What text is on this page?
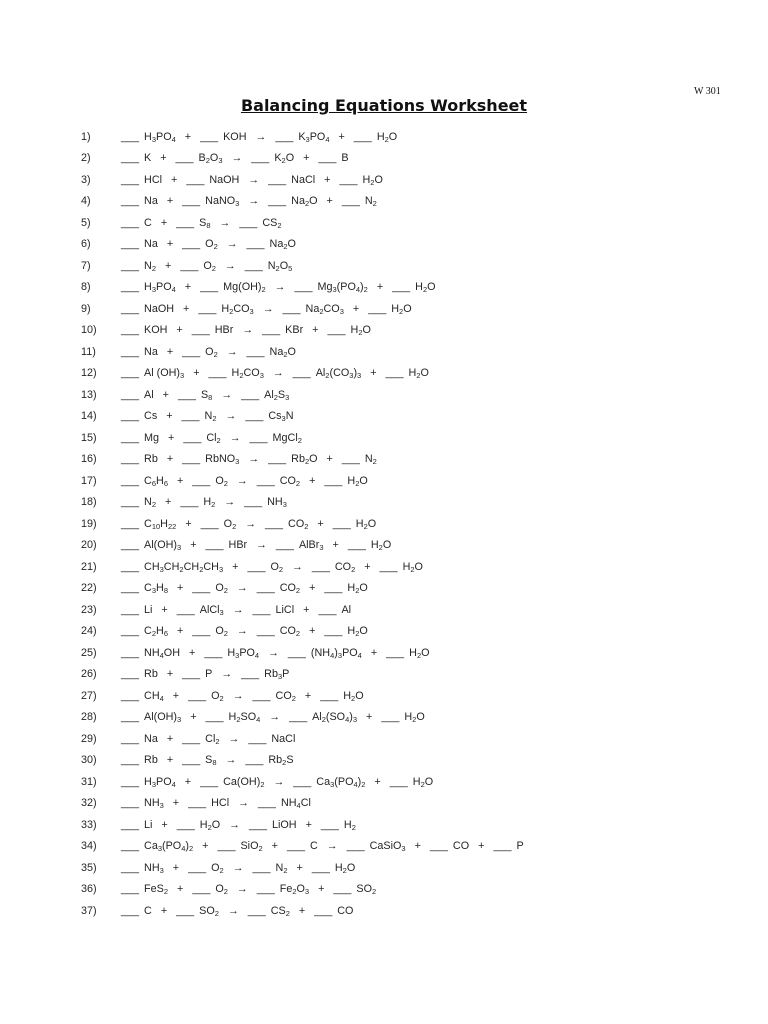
W 301
Balancing Equations Worksheet
1)	___ $H_3PO_4$ + ___ KOH → ___ $K_3PO_4$ + ___ $H_2O$
2)	___ K + ___ $B_2O_3$ → ___ $K_2O$ + ___ B
3)	___ HCl + ___ NaOH → ___ NaCl + ___ $H_2O$
4)	___ Na + ___ NaNO$_3$ → ___ $Na_2O$ + ___ $N_2$
5)	___ C + ___ $S_8$ → ___ $CS_2$
6)	___ Na + ___ $O_2$ → ___ $Na_2O$
7)	___ $N_2$ + ___ $O_2$ → ___ $N_2O_5$
8)	___ $H_3PO_4$ + ___ $Mg(OH)_2$ → ___ $Mg_3(PO_4)_2$ + ___ $H_2O$
9)	___ NaOH + ___ $H_2CO_3$ → ___ $Na_2CO_3$ + ___ $H_2O$
10)	___ KOH + ___ HBr → ___ KBr + ___ $H_2O$
11)	___ Na + ___ $O_2$ → ___ $Na_2O$
12)	___ Al $(OH)_3$ + ___ $H_2CO_3$ → ___ $Al_2(CO_3)_3$ + ___ $H_2O$
13)	___ Al + ___ $S_8$ → ___ $Al_2S_3$
14)	___ Cs + ___ $N_2$ → ___ $Cs_3N$
15)	___ Mg + ___ $Cl_2$ → ___ MgCl$_2$
16)	___ Rb + ___ RbNO$_3$ → ___ $Rb_2O$ + ___ $N_2$
17)	___ $C_6H_6$ + ___ $O_2$ → ___ $CO_2$ + ___ $H_2O$
18)	___ $N_2$ + ___ $H_2$ → ___ $NH_3$
19)	___ $C_{10}H_{22}$ + ___ $O_2$ → ___ $CO_2$ + ___ $H_2O$
20)	___ $Al(OH)_3$ + ___ HBr → ___ AlBr$_3$ + ___ $H_2O$
21)	___ $CH_3CH_2CH_2CH_3$ + ___ $O_2$ → ___ $CO_2$ + ___ $H_2O$
22)	___ $C_3H_8$ + ___ $O_2$ → ___ $CO_2$ + ___ $H_2O$
23)	___ Li + ___ AlCl$_3$ → ___ LiCl + ___ Al
24)	___ $C_2H_6$ + ___ $O_2$ → ___ $CO_2$ + ___ $H_2O$
25)	___ $NH_4OH$ + ___ $H_3PO_4$ → ___ $(NH_4)_3PO_4$ + ___ $H_2O$
26)	___ Rb + ___ P → ___ $Rb_3P$
27)	___ $CH_4$ + ___ $O_2$ → ___ $CO_2$ + ___ $H_2O$
28)	___ $Al(OH)_3$ + ___ $H_2SO_4$ → ___ $Al_2(SO_4)_3$ + ___ $H_2O$
29)	___ Na + ___ $Cl_2$ → ___ NaCl
30)	___ Rb + ___ $S_8$ → ___ $Rb_2S$
31)	___ $H_3PO_4$ + ___ $Ca(OH)_2$ → ___ $Ca_3(PO_4)_2$ + ___ $H_2O$
32)	___ $NH_3$ + ___ HCl → ___ $NH_4Cl$
33)	___ Li + ___ $H_2O$ → ___ LiOH + ___ $H_2$
34)	___ $Ca_3(PO_4)_2$ + ___ SiO$_2$ + ___ C → ___ CaSiO$_3$ + ___ CO + ___ P
35)	___ $NH_3$ + ___ $O_2$ → ___ $N_2$ + ___ $H_2O$
36)	___ FeS$_2$ + ___ $O_2$ → ___ $Fe_2O_3$ + ___ $SO_2$
37)	___ C + ___ $SO_2$ → ___ $CS_2$ + ___ CO
